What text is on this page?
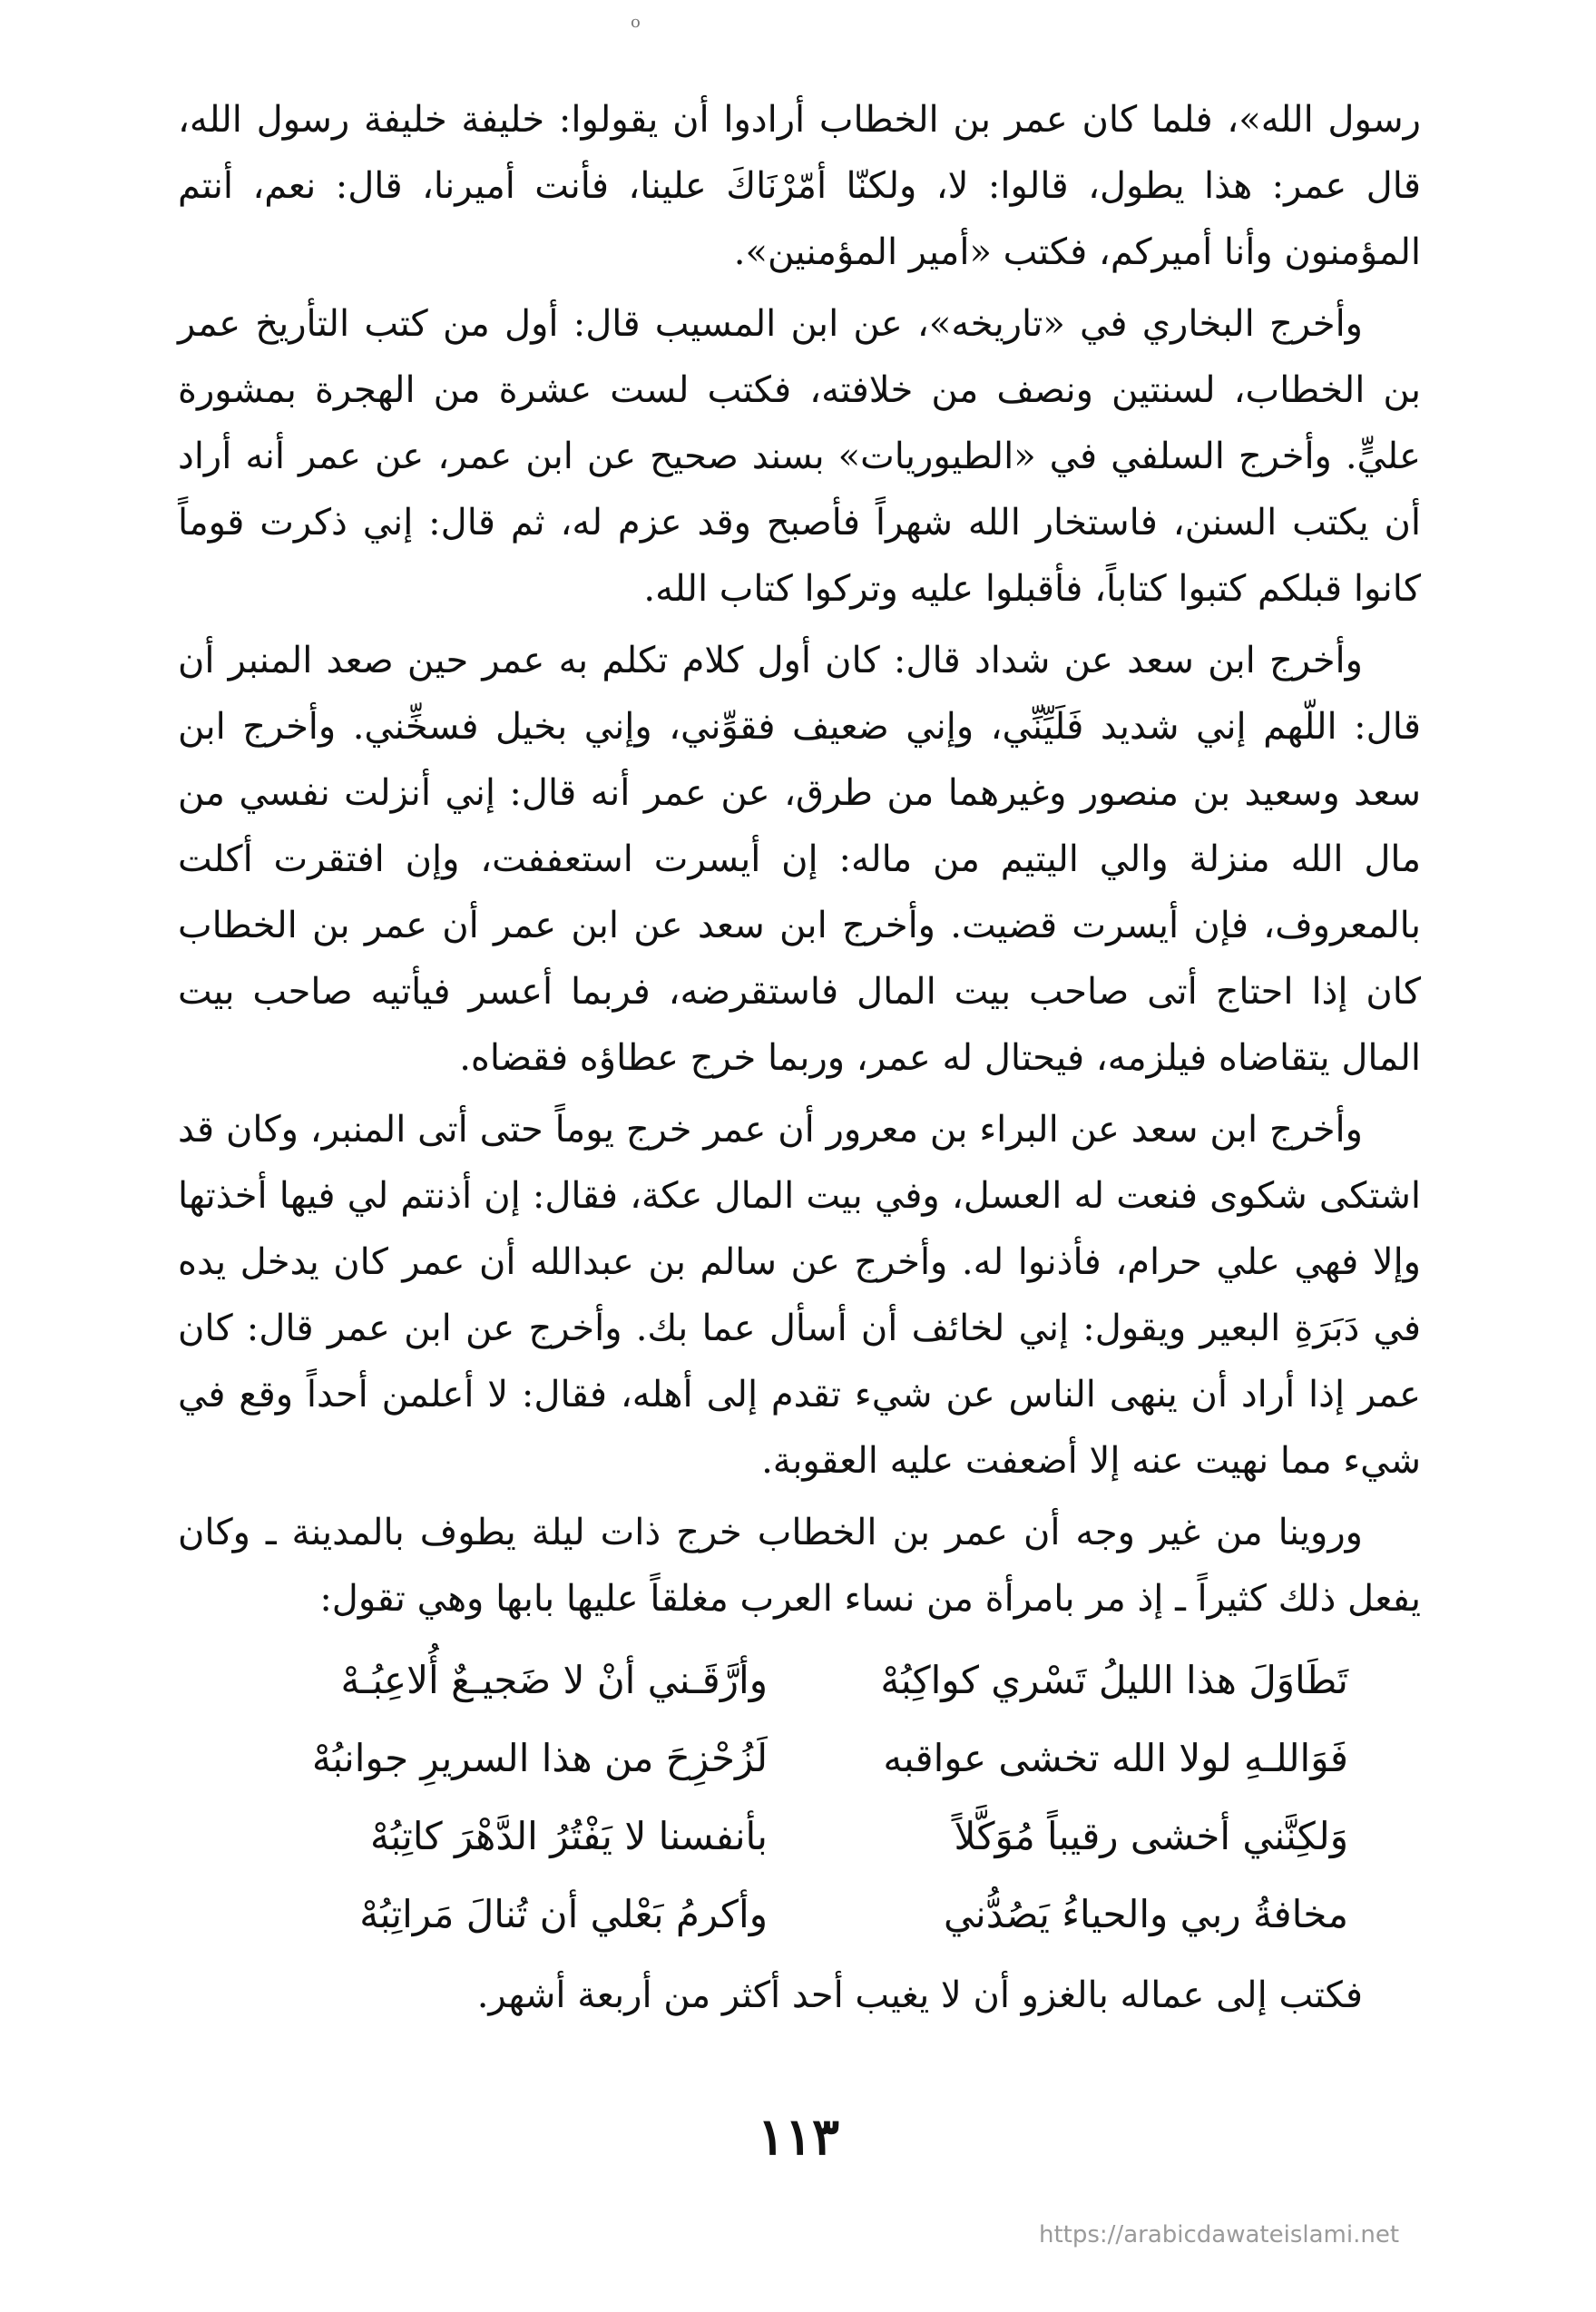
o

رسول الله»، فلما كان عمر بن الخطاب أرادوا أن يقولوا: خليفة خليفة رسول الله، قال عمر: هذا يطول، قالوا: لا، ولكنّا أمّرْنَاكَ علينا، فأنت أميرنا، قال: نعم، أنتم المؤمنون وأنا أميركم، فكتب «أمير المؤمنين».

وأخرج البخاري في «تاريخه»، عن ابن المسيب قال: أول من كتب التأريخ عمر بن الخطاب، لسنتين ونصف من خلافته، فكتب لست عشرة من الهجرة بمشورة عليٍّ. وأخرج السلفي في «الطيوريات» بسند صحيح عن ابن عمر، عن عمر أنه أراد أن يكتب السنن، فاستخار الله شهراً فأصبح وقد عزم له، ثم قال: إني ذكرت قوماً كانوا قبلكم كتبوا كتاباً، فأقبلوا عليه وتركوا كتاب الله.

وأخرج ابن سعد عن شداد قال: كان أول كلام تكلم به عمر حين صعد المنبر أن قال: اللّهم إني شديد فَلَيِّنِّي، وإني ضعيف فقوِّني، وإني بخيل فسخِّني. وأخرج ابن سعد وسعيد بن منصور وغيرهما من طرق، عن عمر أنه قال: إني أنزلت نفسي من مال الله منزلة والي اليتيم من ماله: إن أيسرت استعففت، وإن افتقرت أكلت بالمعروف، فإن أيسرت قضيت. وأخرج ابن سعد عن ابن عمر أن عمر بن الخطاب كان إذا احتاج أتى صاحب بيت المال فاستقرضه، فربما أعسر فيأتيه صاحب بيت المال يتقاضاه فيلزمه، فيحتال له عمر، وربما خرج عطاؤه فقضاه.

وأخرج ابن سعد عن البراء بن معرور أن عمر خرج يوماً حتى أتى المنبر، وكان قد اشتكى شكوى فنعت له العسل، وفي بيت المال عكة، فقال: إن أذنتم لي فيها أخذتها وإلا فهي علي حرام، فأذنوا له. وأخرج عن سالم بن عبدالله أن عمر كان يدخل يده في دَبَرَةِ البعير ويقول: إني لخائف أن أسأل عما بك. وأخرج عن ابن عمر قال: كان عمر إذا أراد أن ينهى الناس عن شيء تقدم إلى أهله، فقال: لا أعلمن أحداً وقع في شيء مما نهيت عنه إلا أضعفت عليه العقوبة.

وروينا من غير وجه أن عمر بن الخطاب خرج ذات ليلة يطوف بالمدينة ـ وكان يفعل ذلك كثيراً ـ إذ مر بامرأة من نساء العرب مغلقاً عليها بابها وهي تقول:

تَطَاوَلَ هذا الليلُ تَسْري كواكِبُهْ
وأرَّقَـني أنْ لا ضَجيـعٌ أُلاعِبُـهْ
فَوَاللـهِ لولا الله تخشى عواقبه
لَزُحْزِحَ من هذا السريرِ جوانبُهْ
وَلكِنَّني أخشى رقيباً مُوَكَّلاً
بأنفسنا لا يَفْتُرُ الدَّهْرَ كاتِبُهْ
مخافةُ ربي والحياءُ يَصُدُّني
وأكرمُ بَعْلي أن تُنالَ مَراتِبُهْ

فكتب إلى عماله بالغزو أن لا يغيب أحد أكثر من أربعة أشهر.

١١٣
https://arabicdawateislami.net
